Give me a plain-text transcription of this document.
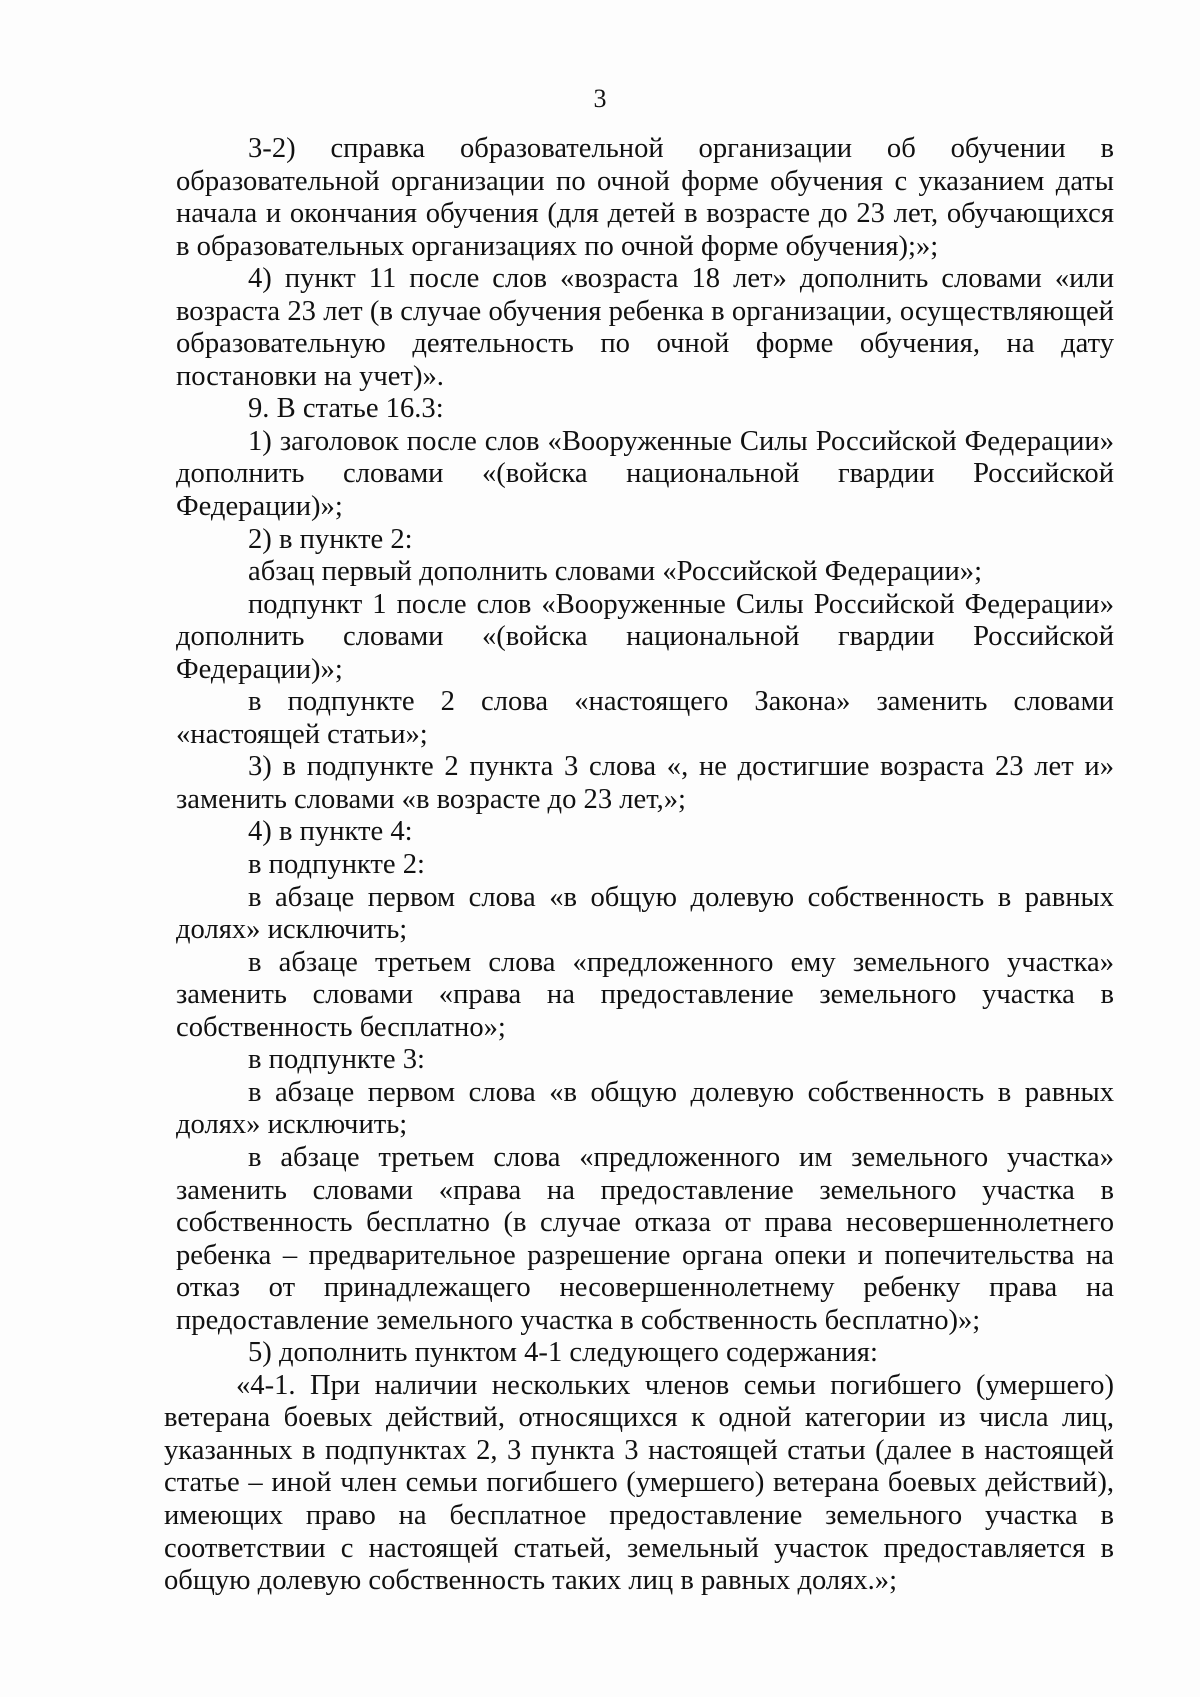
3

3-2) справка образовательной организации об обучении в образовательной организации по очной форме обучения с указанием даты начала и окончания обучения (для детей в возрасте до 23 лет, обучающихся в образовательных организациях по очной форме обучения);»;

4) пункт 11 после слов «возраста 18 лет» дополнить словами «или возраста 23 лет (в случае обучения ребенка в организации, осуществляющей образовательную деятельность по очной форме обучения, на дату постановки на учет)».

9. В статье 16.3:

1) заголовок после слов «Вооруженные Силы Российской Федерации» дополнить словами «(войска национальной гвардии Российской Федерации)»;

2) в пункте 2:

абзац первый дополнить словами «Российской Федерации»;

подпункт 1 после слов «Вооруженные Силы Российской Федерации» дополнить словами «(войска национальной гвардии Российской Федерации)»;

в подпункте 2 слова «настоящего Закона» заменить словами «настоящей статьи»;

3) в подпункте 2 пункта 3 слова «, не достигшие возраста 23 лет и» заменить словами «в возрасте до 23 лет,»;

4) в пункте 4:

в подпункте 2:

в абзаце первом слова «в общую долевую собственность в равных долях» исключить;

в абзаце третьем слова «предложенного ему земельного участка» заменить словами «права на предоставление земельного участка в собственность бесплатно»;

в подпункте 3:

в абзаце первом слова «в общую долевую собственность в равных долях» исключить;

в абзаце третьем слова «предложенного им земельного участка» заменить словами «права на предоставление земельного участка в собственность бесплатно (в случае отказа от права несовершеннолетнего ребенка – предварительное разрешение органа опеки и попечительства на отказ от принадлежащего несовершеннолетнему ребенку права на предоставление земельного участка в собственность бесплатно)»;

5) дополнить пунктом 4-1 следующего содержания:

«4-1. При наличии нескольких членов семьи погибшего (умершего) ветерана боевых действий, относящихся к одной категории из числа лиц, указанных в подпунктах 2, 3 пункта 3 настоящей статьи (далее в настоящей статье – иной член семьи погибшего (умершего) ветерана боевых действий), имеющих право на бесплатное предоставление земельного участка в соответствии с настоящей статьей, земельный участок предоставляется в общую долевую собственность таких лиц в равных долях.»;
